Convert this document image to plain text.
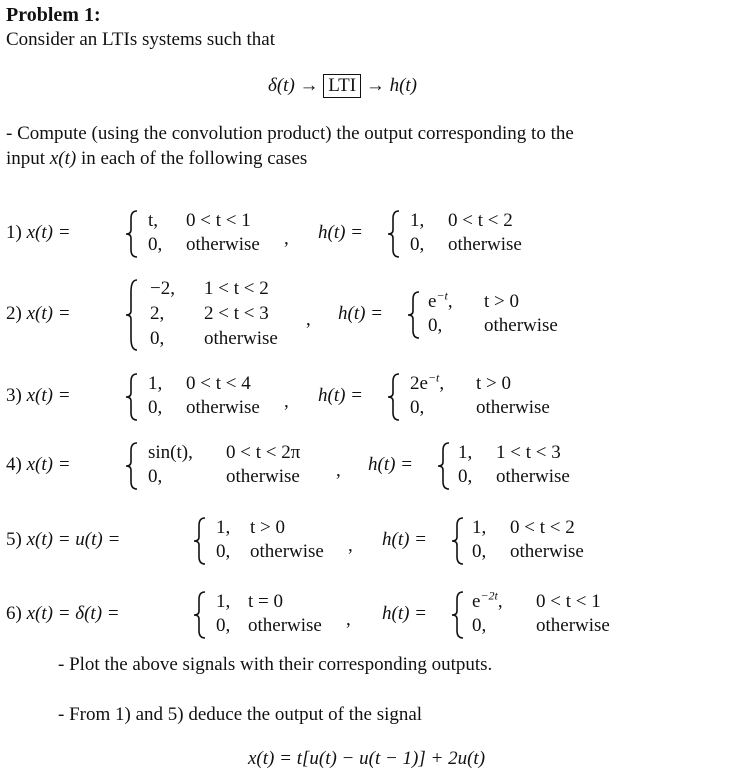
Problem 1:
Consider an LTIs systems such that
δ(t) → LTI → h(t)
- Compute (using the convolution product) the output corresponding to the
input x(t) in each of the following cases
1) x(t) =
t, 0 < t < 1
0, otherwise , h(t) =
1, 0 < t < 2
0, otherwise
2) x(t) =
−2, 1 < t < 2
2, 2 < t < 3
0, otherwise
, h(t) =
$e^{-t}$, t > 0
0, otherwise
3) x(t) =
1, 0 < t < 4
0, otherwise , h(t) =
$2e^{-t}$, t > 0
0,	otherwise
4) x(t) =
sin(t), 0 < t < 2π
0,	otherwise , h(t) =
1, 1 < t < 3
0, otherwise
5) x(t) = u(t) =
1, t > 0
0, otherwise , h(t) =
1, 0 < t < 2
0, otherwise
6) x(t) = δ(t) =
1, t = 0
0, otherwise , h(t) =
$e^{-2t}$, 0 < t < 1
0,	otherwise
- Plot the above signals with their corresponding outputs.
- From 1) and 5) deduce the output of the signal
x(t) = t[u(t) − u(t − 1)] + 2u(t)
